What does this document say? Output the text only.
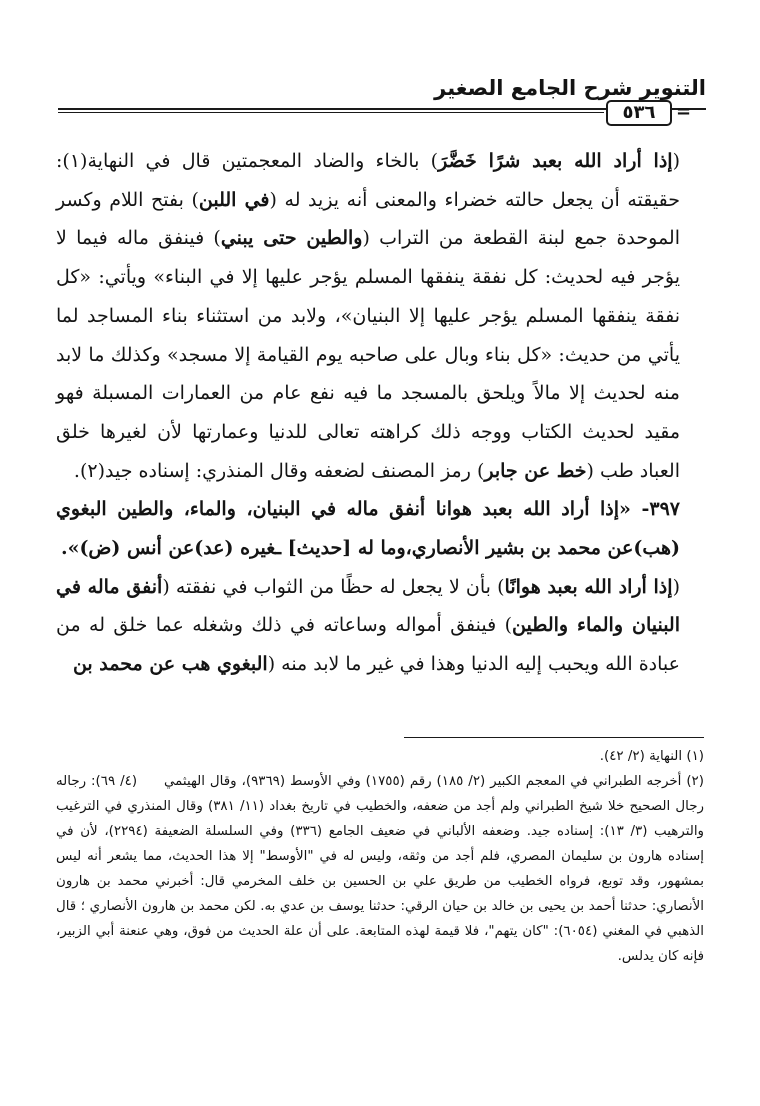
التنوير شرح الجامع الصغير
٥٣٦	=

(إذا أراد الله بعبد شرًا خَضَّرَ) بالخاء والضاد المعجمتين قال في النهاية(١): حقيقته أن يجعل حالته خضراء والمعنى أنه يزيد له (في اللبن) بفتح اللام وكسر الموحدة جمع لبنة القطعة من التراب (والطين حتى يبني) فينفق ماله فيما لا يؤجر فيه لحديث: كل نفقة ينفقها المسلم يؤجر عليها إلا في البناء» ويأتي: «كل نفقة ينفقها المسلم يؤجر عليها إلا البنيان»، ولابد من استثناء بناء المساجد لما يأتي من حديث: «كل بناء وبال على صاحبه يوم القيامة إلا مسجد» وكذلك ما لابد منه لحديث إلا مالاً ويلحق بالمسجد ما فيه نفع عام من العمارات المسبلة فهو مقيد لحديث الكتاب ووجه ذلك كراهته تعالى للدنيا وعمارتها لأن لغيرها خلق العباد طب (خط عن جابر) رمز المصنف لضعفه وقال المنذري: إسناده جيد(٢).

٣٩٧- «إذا أراد الله بعبد هوانا أنفق ماله في البنيان، والماء، والطين البغوي (هب)عن محمد بن بشير الأنصاري،وما له [حديث] ـغيره (عد)عن أنس (ض)».

(إذا أراد الله بعبد هوانًا) بأن لا يجعل له حظًا من الثواب في نفقته (أنفق ماله في البنيان والماء والطين) فينفق أمواله وساعاته في ذلك وشغله عما خلق له من عبادة الله ويحبب إليه الدنيا وهذا في غير ما لابد منه (البغوي هب عن محمد بن

(١) النهاية (٢/ ٤٢).

(٢) أخرجه الطبراني في المعجم الكبير (٢/ ١٨٥) رقم (١٧٥٥) وفي الأوسط (٩٣٦٩)، وقال الهيثمي (٤/ ٦٩): رجاله رجال الصحيح خلا شيخ الطبراني ولم أجد من ضعفه، والخطيب في تاريخ بغداد (١١/ ٣٨١) وقال المنذري في الترغيب والترهيب (٣/ ١٣): إسناده جيد. وضعفه الألباني في ضعيف الجامع (٣٣٦) وفي السلسلة الضعيفة (٢٢٩٤)، لأن في إسناده هارون بن سليمان المصري، فلم أجد من وثقه، وليس له في "الأوسط" إلا هذا الحديث، مما يشعر أنه ليس بمشهور، وقد توبع، فرواه الخطيب من طريق علي بن الحسين بن خلف المخرمي قال: أخبرني محمد بن هارون الأنصاري: حدثنا أحمد بن يحيى بن خالد بن حيان الرقي: حدثنا يوسف بن عدي به. لكن محمد بن هارون الأنصاري ؛ قال الذهبي في المغني (٦٠٥٤): "كان يتهم"، فلا قيمة لهذه المتابعة. على أن علة الحديث من فوق، وهي عنعنة أبي الزبير، فإنه كان يدلس.
